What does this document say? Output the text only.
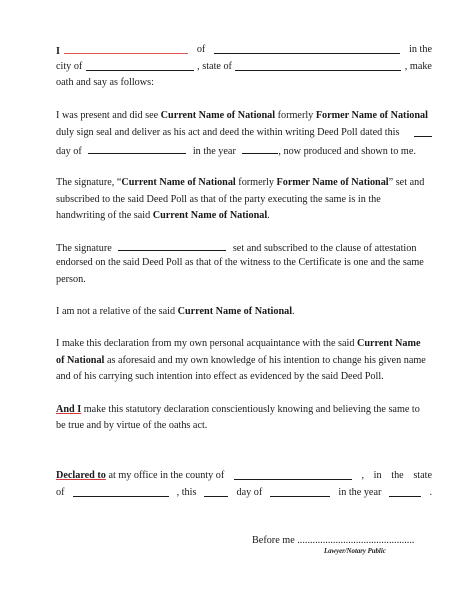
I	of	in the
city of	, state of	, make
oath and say as follows:
I was present and did see Current Name of National formerly Former Name of National
duly sign seal and deliver as his act and deed the within writing Deed Poll dated this
day of	in the year	, now produced and shown to me.
The signature, “Current Name of National formerly Former Name of National” set and
subscribed to the said Deed Poll as that of the party executing the same is in the
handwriting of the said Current Name of National.
The signature	set and subscribed to the clause of attestation
endorsed on the said Deed Poll as that of the witness to the Certificate is one and the same
person.
I am not a relative of the said Current Name of National.
I make this declaration from my own personal acquaintance with the said Current Name
of National as aforesaid and my own knowledge of his intention to change his given name
and of his carrying such intention into effect as evidenced by the said Deed Poll.
And I make this statutory declaration conscientiously knowing and believing the same to
be true and by virtue of the oaths act.
Declared to at my office in the county of	, in the state
of	, this	day of	in the year	.
Before me ..............................................
Lawyer/Notary Public
